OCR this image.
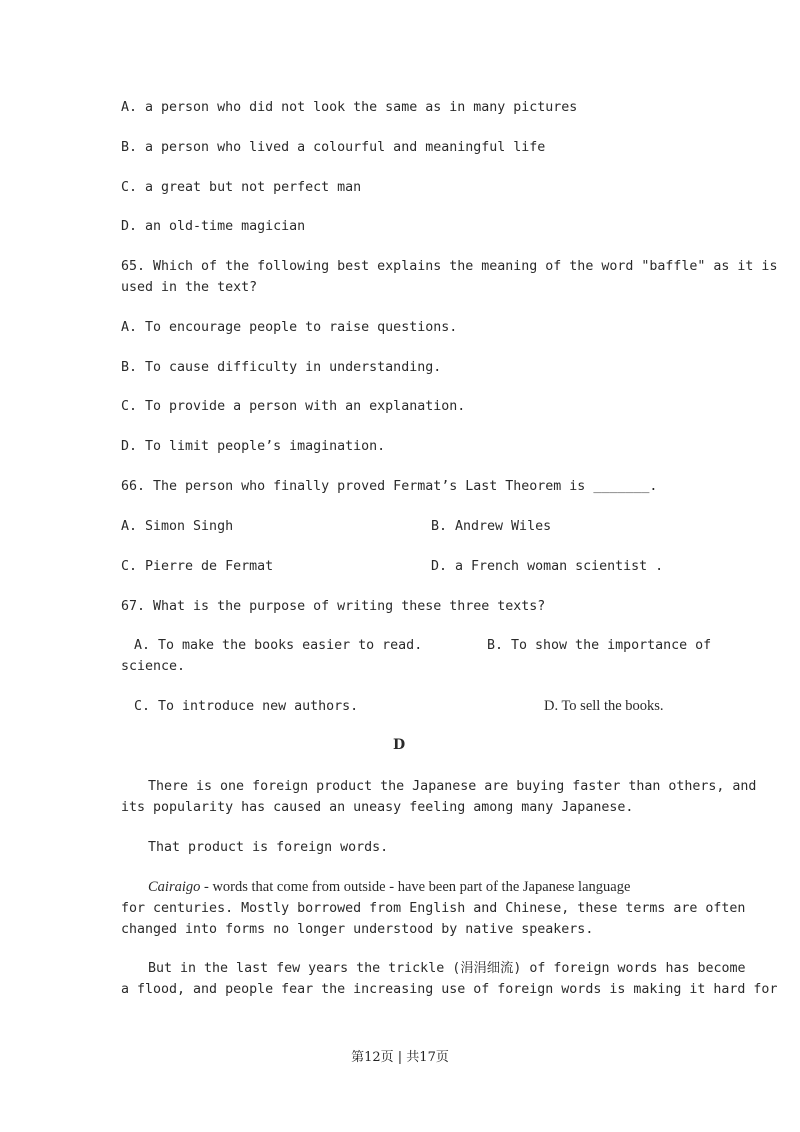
A. a person who did not look the same as in many pictures
B. a person who lived a colourful and meaningful life
C. a great but not perfect man
D. an old-time magician
65. Which of the following best explains the meaning of the word "baffle" as it is
used in the text?
A. To encourage people to raise questions.
B. To cause difficulty in understanding.
C. To provide a person with an explanation.
D. To limit people’s imagination.
66. The person who finally proved Fermat’s Last Theorem is _______.
A. Simon Singh	B. Andrew Wiles
C. Pierre de Fermat	D. a French woman scientist .
67. What is the purpose of writing these three texts?
A. To make the books easier to read.	B. To show the importance of
science.
C. To introduce new authors.	D. To sell the books.
D
There is one foreign product the Japanese are buying faster than others, and
its popularity has caused an uneasy feeling among many Japanese.
That product is foreign words.
Cairaigo - words that come from outside - have been part of the Japanese language
for centuries. Mostly borrowed from English and Chinese, these terms are often
changed into forms no longer understood by native speakers.
But in the last few years the trickle (涓涓细流) of foreign words has become
a flood, and people fear the increasing use of foreign words is making it hard for
第12页 | 共17页
